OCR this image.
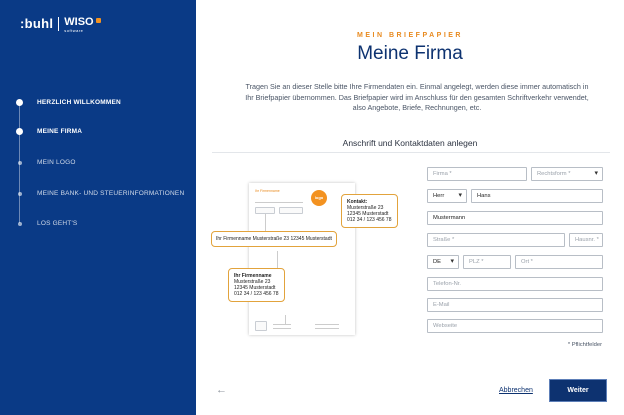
:buhl WISO
software
HERZLICH WILLKOMMEN
MEINE FIRMA
MEIN LOGO
MEINE BANK- UND STEUERINFORMATIONEN
LOS GEHT'S
MEIN BRIEFPAPIER
Meine Firma

Tragen Sie an dieser Stelle bitte Ihre Firmendaten ein. Einmal angelegt, werden diese immer automatisch in Ihr Briefpapier übernommen. Das Briefpapier wird im Anschluss für den gesamten Schriftverkehr verwendet, also Angebote, Briefe, Rechnungen, etc.

Anschrift und Kontaktdaten anlegen
Ihr Firmenname
logo
Kontakt:
Musterstraße 23
12345 Musterstadt
012 34 / 123 456 78
Ihr Firmenname Musterstraße 23 12345 Musterstadt
Ihr Firmenname
Musterstraße 23
12345 Musterstadt
012 34 / 123 456 78
Firma *	Rechtsform * ▾
Herr ▾	Hans
Mustermann
Straße *	Hausnr. *
DE ▾	PLZ *	Ort *
Telefon-Nr.
E-Mail
Webseite
* Pflichtfelder
←	Abbrechen	Weiter
